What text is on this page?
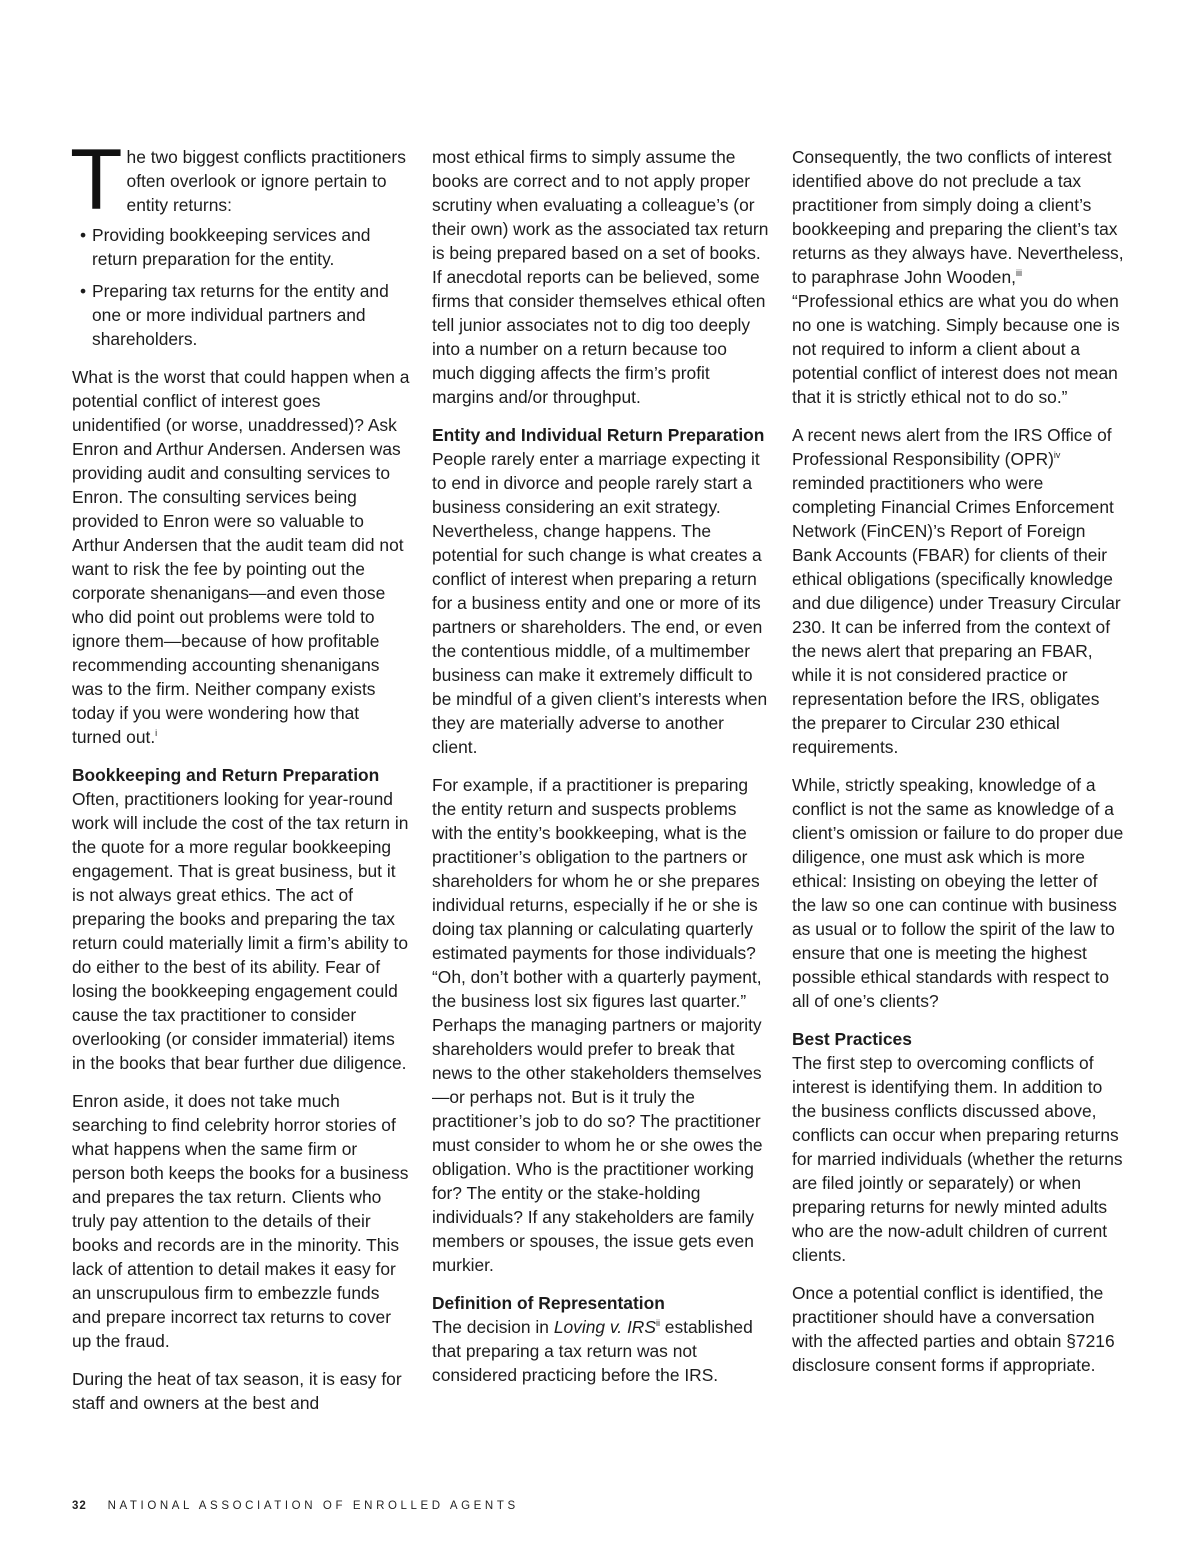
T he two biggest conflicts practitioners often overlook or ignore pertain to entity returns:
• Providing bookkeeping services and return preparation for the entity.
• Preparing tax returns for the entity and one or more individual partners and shareholders.

What is the worst that could happen when a potential conflict of interest goes unidentified (or worse, unaddressed)? Ask Enron and Arthur Andersen. Andersen was providing audit and consulting services to Enron. The consulting services being provided to Enron were so valuable to Arthur Andersen that the audit team did not want to risk the fee by pointing out the corporate shenanigans—and even those who did point out problems were told to ignore them—because of how profitable recommending accounting shenanigans was to the firm. Neither company exists today if you were wondering how that turned out.$^i$

Bookkeeping and Return Preparation

Often, practitioners looking for year-round work will include the cost of the tax return in the quote for a more regular bookkeeping engagement. That is great business, but it is not always great ethics. The act of preparing the books and preparing the tax return could materially limit a firm’s ability to do either to the best of its ability. Fear of losing the bookkeeping engagement could cause the tax practitioner to consider overlooking (or consider immaterial) items in the books that bear further due diligence.

Enron aside, it does not take much searching to find celebrity horror stories of what happens when the same firm or person both keeps the books for a business and prepares the tax return. Clients who truly pay attention to the details of their books and records are in the minority. This lack of attention to detail makes it easy for an unscrupulous firm to embezzle funds and prepare incorrect tax returns to cover up the fraud.

During the heat of tax season, it is easy for staff and owners at the best and

most ethical firms to simply assume the books are correct and to not apply proper scrutiny when evaluating a colleague’s (or their own) work as the associated tax return is being prepared based on a set of books. If anecdotal reports can be believed, some firms that consider themselves ethical often tell junior associates not to dig too deeply into a number on a return because too much digging affects the firm’s profit margins and/or throughput.

Entity and Individual Return Preparation

People rarely enter a marriage expecting it to end in divorce and people rarely start a business considering an exit strategy. Nevertheless, change happens. The potential for such change is what creates a conflict of interest when preparing a return for a business entity and one or more of its partners or shareholders. The end, or even the contentious middle, of a multimember business can make it extremely difficult to be mindful of a given client’s interests when they are materially adverse to another client.

For example, if a practitioner is preparing the entity return and suspects problems with the entity’s bookkeeping, what is the practitioner’s obligation to the partners or shareholders for whom he or she prepares individual returns, especially if he or she is doing tax planning or calculating quarterly estimated payments for those individuals? “Oh, don’t bother with a quarterly payment, the business lost six figures last quarter.” Perhaps the managing partners or majority shareholders would prefer to break that news to the other stakeholders themselves—or perhaps not. But is it truly the practitioner’s job to do so? The practitioner must consider to whom he or she owes the obligation. Who is the practitioner working for? The entity or the stake-holding individuals? If any stakeholders are family members or spouses, the issue gets even murkier.

Definition of Representation

The decision in Loving v. IRS$^{ii}$ established that preparing a tax return was not considered practicing before the IRS.

Consequently, the two conflicts of interest identified above do not preclude a tax practitioner from simply doing a client’s bookkeeping and preparing the client’s tax returns as they always have. Nevertheless, to paraphrase John Wooden,$^{iii}$ “Professional ethics are what you do when no one is watching. Simply because one is not required to inform a client about a potential conflict of interest does not mean that it is strictly ethical not to do so.”

A recent news alert from the IRS Office of Professional Responsibility (OPR)$^{iv}$ reminded practitioners who were completing Financial Crimes Enforcement Network (FinCEN)’s Report of Foreign Bank Accounts (FBAR) for clients of their ethical obligations (specifically knowledge and due diligence) under Treasury Circular 230. It can be inferred from the context of the news alert that preparing an FBAR, while it is not considered practice or representation before the IRS, obligates the preparer to Circular 230 ethical requirements.

While, strictly speaking, knowledge of a conflict is not the same as knowledge of a client’s omission or failure to do proper due diligence, one must ask which is more ethical: Insisting on obeying the letter of the law so one can continue with business as usual or to follow the spirit of the law to ensure that one is meeting the highest possible ethical standards with respect to all of one’s clients?

Best Practices

The first step to overcoming conflicts of interest is identifying them. In addition to the business conflicts discussed above, conflicts can occur when preparing returns for married individuals (whether the returns are filed jointly or separately) or when preparing returns for newly minted adults who are the now-adult children of current clients.

Once a potential conflict is identified, the practitioner should have a conversation with the affected parties and obtain §7216 disclosure consent forms if appropriate.

32 NATIONAL ASSOCIATION OF ENROLLED AGENTS
